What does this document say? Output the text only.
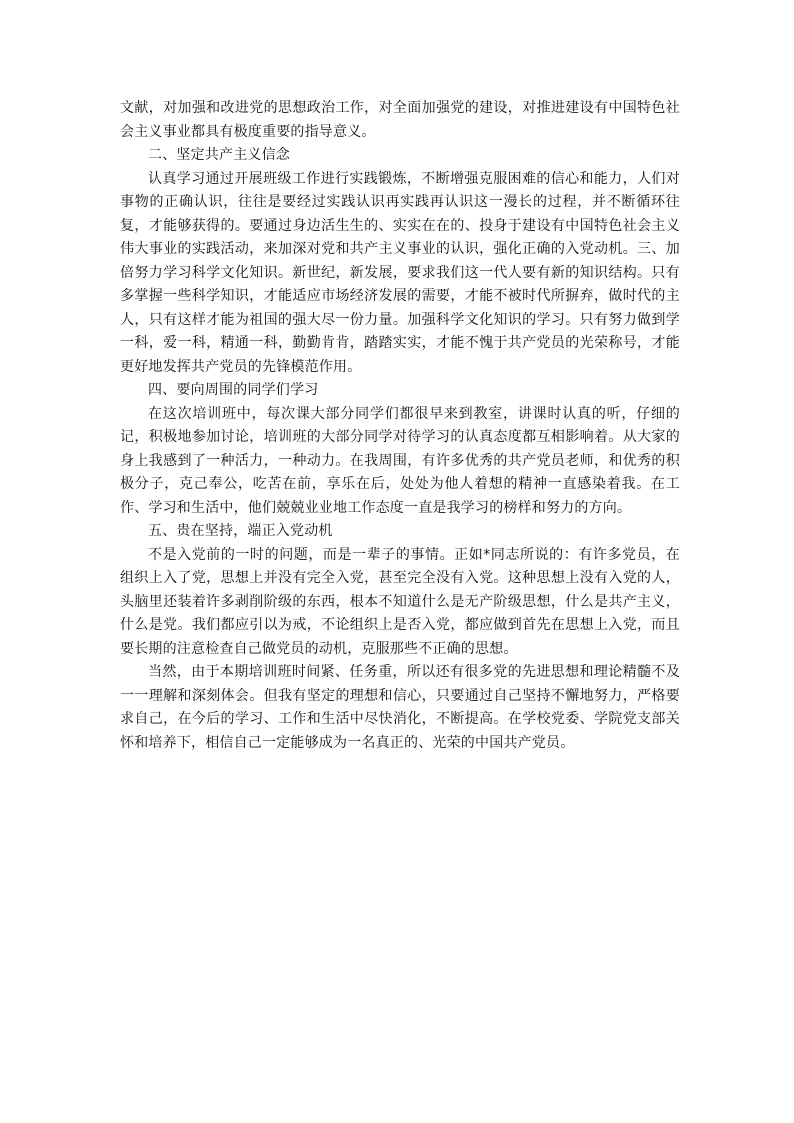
文献，对加强和改进党的思想政治工作，对全面加强党的建设，对推进建设有中国特色社会主义事业都具有极度重要的指导意义。

二、坚定共产主义信念

认真学习通过开展班级工作进行实践锻炼，不断增强克服困难的信心和能力，人们对事物的正确认识，往往是要经过实践认识再实践再认识这一漫长的过程，并不断循环往复，才能够获得的。要通过身边活生生的、实实在在的、投身于建设有中国特色社会主义伟大事业的实践活动，来加深对党和共产主义事业的认识，强化正确的入党动机。三、加倍努力学习科学文化知识。新世纪，新发展，要求我们这一代人要有新的知识结构。只有多掌握一些科学知识，才能适应市场经济发展的需要，才能不被时代所摒弃，做时代的主人，只有这样才能为祖国的强大尽一份力量。加强科学文化知识的学习。只有努力做到学一科，爱一科，精通一科，勤勤肯肯，踏踏实实，才能不愧于共产党员的光荣称号，才能更好地发挥共产党员的先锋模范作用。

四、要向周围的同学们学习

在这次培训班中，每次课大部分同学们都很早来到教室，讲课时认真的听，仔细的记，积极地参加讨论，培训班的大部分同学对待学习的认真态度都互相影响着。从大家的身上我感到了一种活力，一种动力。在我周围，有许多优秀的共产党员老师，和优秀的积极分子，克己奉公，吃苦在前，享乐在后，处处为他人着想的精神一直感染着我。在工作、学习和生活中，他们兢兢业业地工作态度一直是我学习的榜样和努力的方向。

五、贵在坚持，端正入党动机

不是入党前的一时的问题，而是一辈子的事情。正如*同志所说的：有许多党员，在组织上入了党，思想上并没有完全入党，甚至完全没有入党。这种思想上没有入党的人，头脑里还装着许多剥削阶级的东西，根本不知道什么是无产阶级思想，什么是共产主义，什么是党。我们都应引以为戒，不论组织上是否入党，都应做到首先在思想上入党，而且要长期的注意检查自己做党员的动机，克服那些不正确的思想。

当然，由于本期培训班时间紧、任务重，所以还有很多党的先进思想和理论精髓不及一一理解和深刻体会。但我有坚定的理想和信心，只要通过自己坚持不懈地努力，严格要求自己，在今后的学习、工作和生活中尽快消化，不断提高。在学校党委、学院党支部关怀和培养下，相信自己一定能够成为一名真正的、光荣的中国共产党员。
